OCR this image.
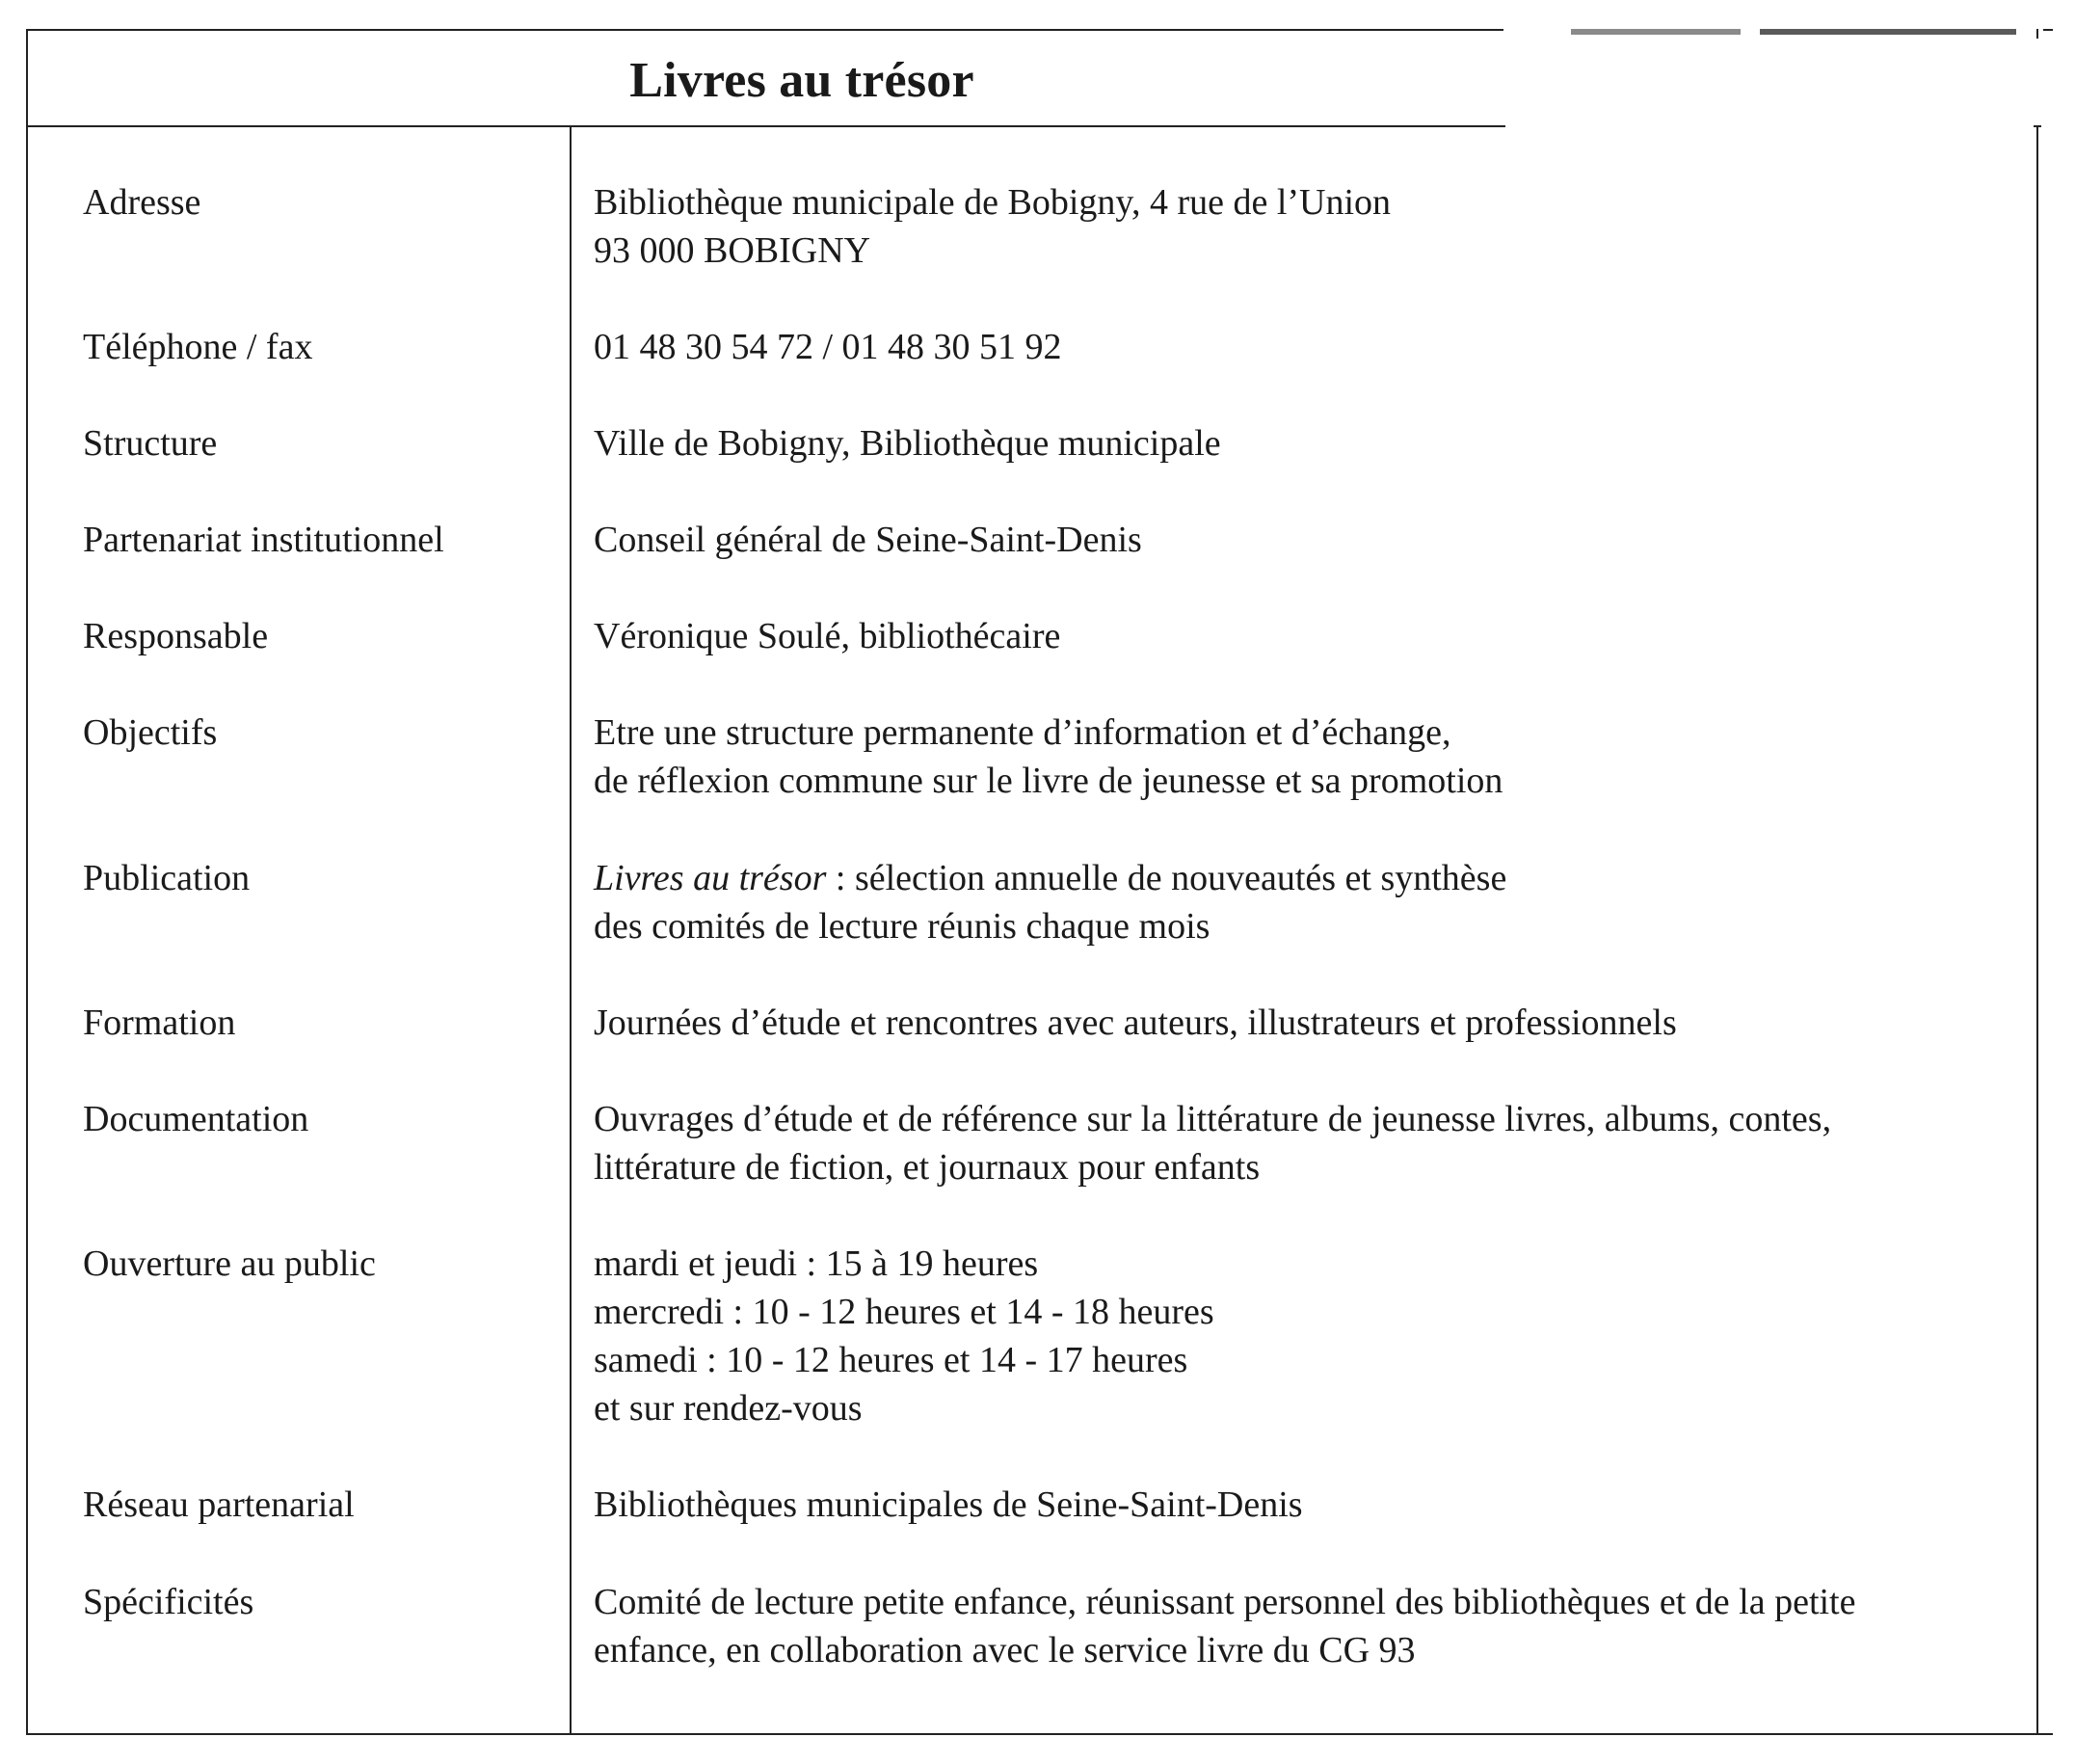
Livres au trésor
Adresse	Bibliothèque municipale de Bobigny, 4 rue de l’Union
93 000 BOBIGNY
Téléphone / fax	01 48 30 54 72 / 01 48 30 51 92
Structure	Ville de Bobigny, Bibliothèque municipale
Partenariat institutionnel	Conseil général de Seine-Saint-Denis
Responsable	Véronique Soulé, bibliothécaire
Objectifs	Etre une structure permanente d’information et d’échange,
de réflexion commune sur le livre de jeunesse et sa promotion
Publication	Livres au trésor : sélection annuelle de nouveautés et synthèse
des comités de lecture réunis chaque mois
Formation	Journées d’étude et rencontres avec auteurs, illustrateurs et professionnels
Documentation	Ouvrages d’étude et de référence sur la littérature de jeunesse livres, albums, contes,
littérature de fiction, et journaux pour enfants
Ouverture au public	mardi et jeudi : 15 à 19 heures
mercredi : 10 - 12 heures et 14 - 18 heures
samedi : 10 - 12 heures et 14 - 17 heures
et sur rendez-vous
Réseau partenarial	Bibliothèques municipales de Seine-Saint-Denis
Spécificités	Comité de lecture petite enfance, réunissant personnel des bibliothèques et de la petite
enfance, en collaboration avec le service livre du CG 93
